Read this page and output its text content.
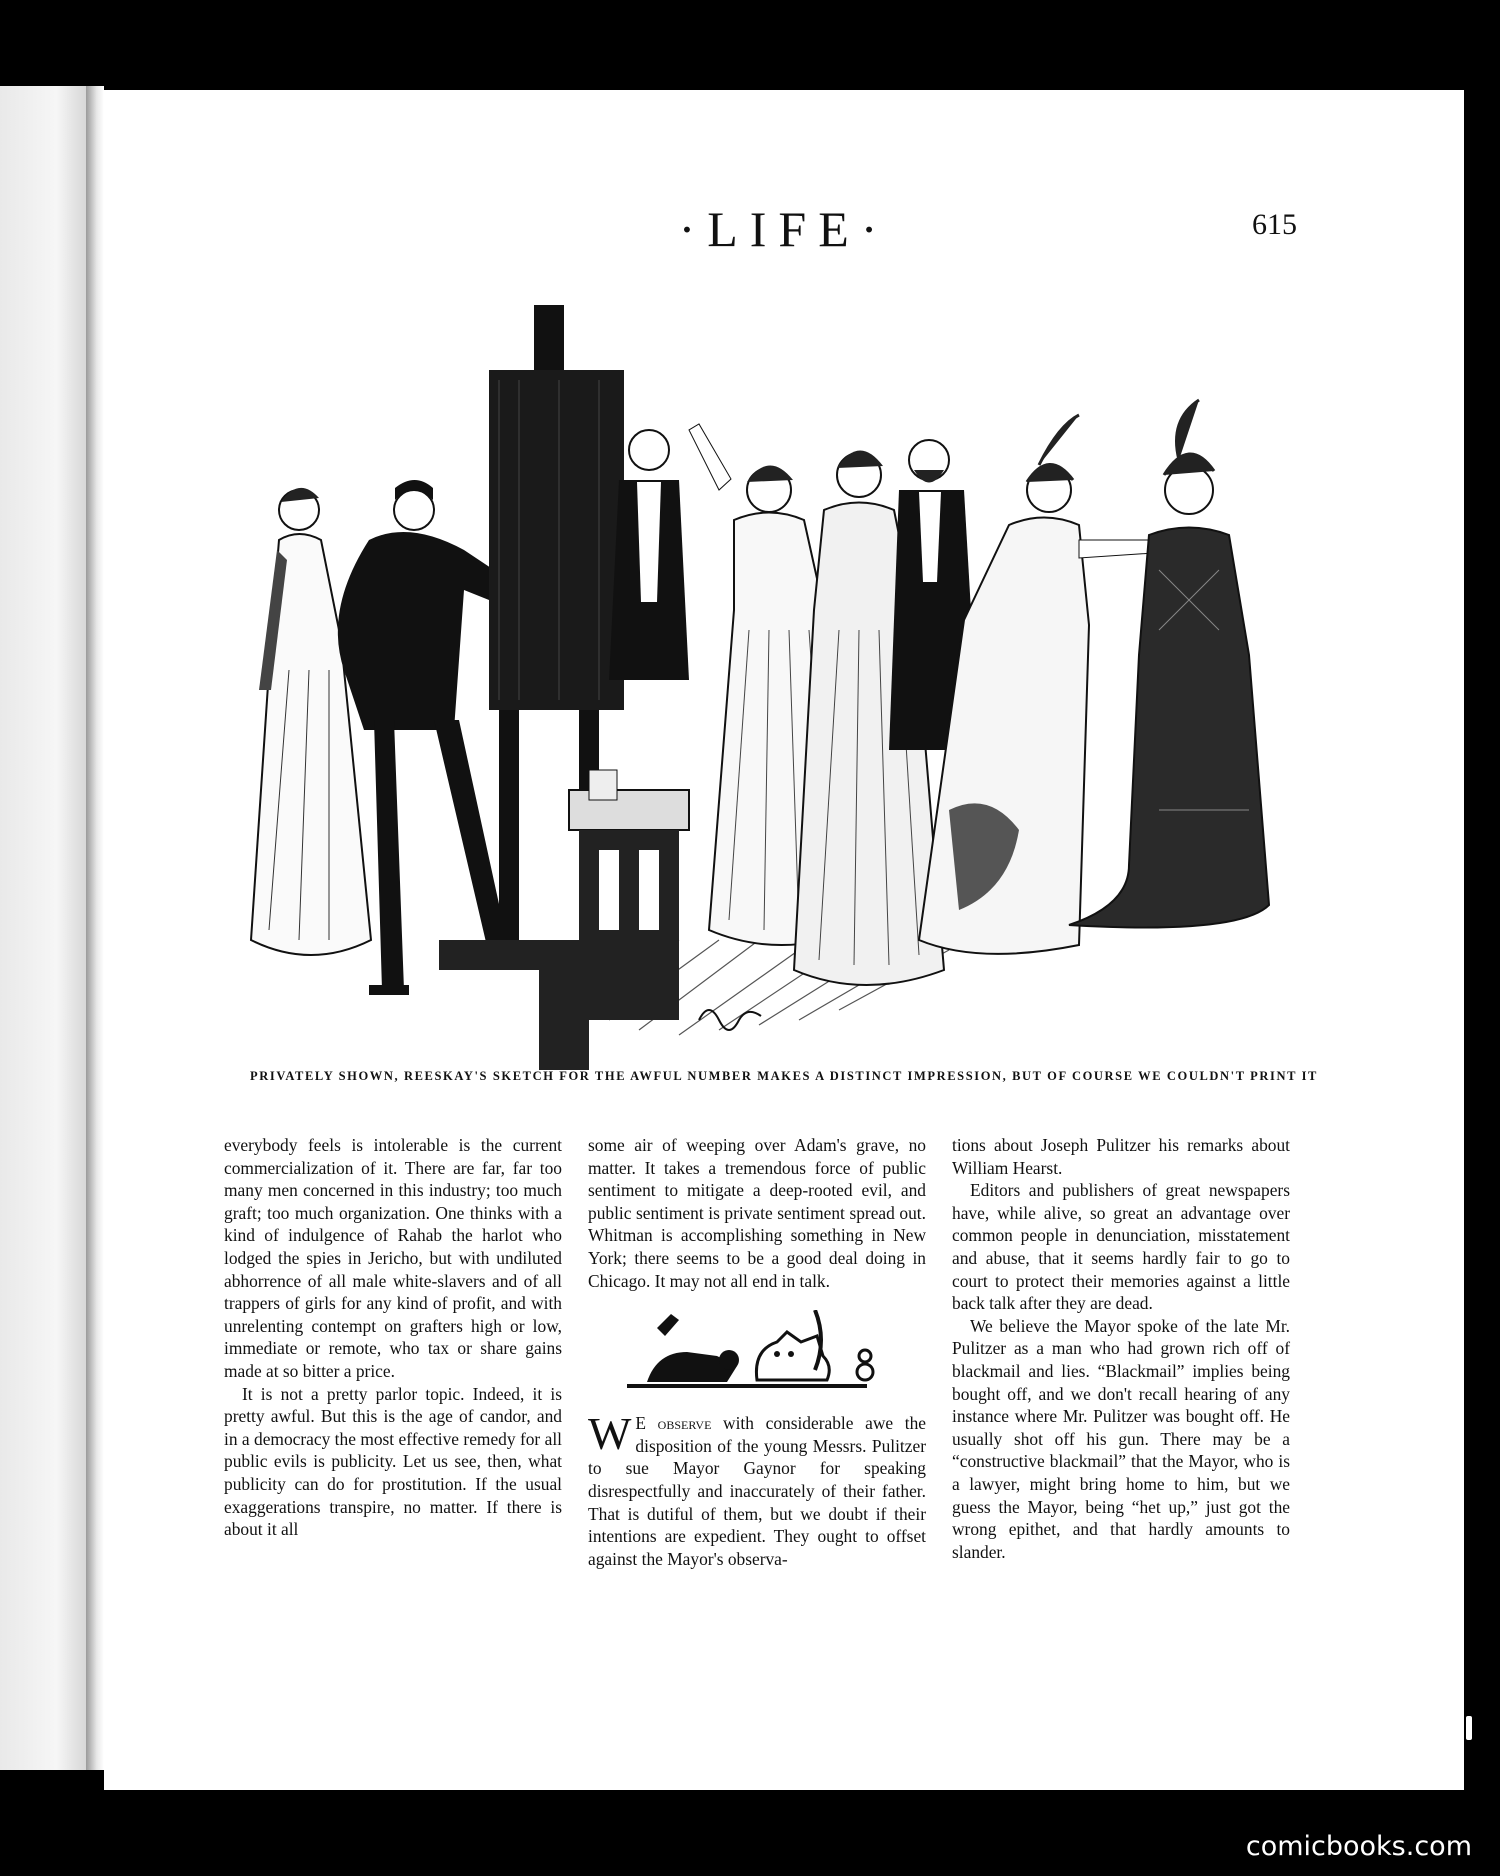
·LIFE·	615
PRIVATELY SHOWN, REESKAY'S SKETCH FOR THE AWFUL NUMBER MAKES A DISTINCT IMPRESSION, BUT OF COURSE WE COULDN'T PRINT IT

everybody feels is intolerable is the current commercialization of it. There are far, far too many men concerned in this industry; too much graft; too much organization. One thinks with a kind of indulgence of Rahab the harlot who lodged the spies in Jericho, but with undiluted abhorrence of all male white-slavers and of all trappers of girls for any kind of profit, and with unrelenting contempt on grafters high or low, immediate or remote, who tax or share gains made at so bitter a price.

It is not a pretty parlor topic. Indeed, it is pretty awful. But this is the age of candor, and in a democracy the most effective remedy for all public evils is publicity. Let us see, then, what publicity can do for prostitution. If the usual exaggerations transpire, no matter. If there is about it all

some air of weeping over Adam's grave, no matter. It takes a tremendous force of public sentiment to mitigate a deep-rooted evil, and public sentiment is private sentiment spread out. Whitman is accomplishing something in New York; there seems to be a good deal doing in Chicago. It may not all end in talk.

W E observe with considerable awe the disposition of the young Messrs. Pulitzer to sue Mayor Gaynor for speaking disrespectfully and inaccurately of their father. That is dutiful of them, but we doubt if their intentions are expedient. They ought to offset against the Mayor's observa-

tions about Joseph Pulitzer his remarks about William Hearst.

Editors and publishers of great newspapers have, while alive, so great an advantage over common people in denunciation, misstatement and abuse, that it seems hardly fair to go to court to protect their memories against a little back talk after they are dead.

We believe the Mayor spoke of the late Mr. Pulitzer as a man who had grown rich off of blackmail and lies. “Blackmail” implies being bought off, and we don't recall hearing of any instance where Mr. Pulitzer was bought off. He usually shot off his gun. There may be a “constructive blackmail” that the Mayor, who is a lawyer, might bring home to him, but we guess the Mayor, being “het up,” just got the wrong epithet, and that hardly amounts to slander.

comicbooks.com
